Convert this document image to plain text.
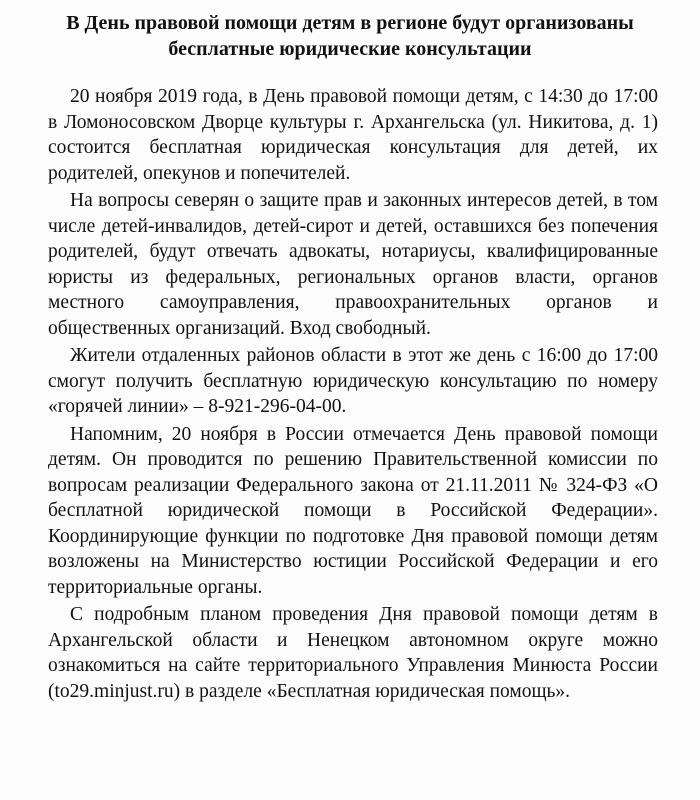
В День правовой помощи детям в регионе будут организованы
бесплатные юридические консультации

20 ноября 2019 года, в День правовой помощи детям, с 14:30 до 17:00 в Ломоносовском Дворце культуры г. Архангельска (ул. Никитова, д. 1) состоится бесплатная юридическая консультация для детей, их родителей, опекунов и попечителей.

На вопросы северян о защите прав и законных интересов детей, в том числе детей-инвалидов, детей-сирот и детей, оставшихся без попечения родителей, будут отвечать адвокаты, нотариусы, квалифицированные юристы из федеральных, региональных органов власти, органов местного самоуправления, правоохранительных органов и общественных организаций. Вход свободный.

Жители отдаленных районов области в этот же день с 16:00 до 17:00 смогут получить бесплатную юридическую консультацию по номеру «горячей линии» – 8-921-296-04-00.

Напомним, 20 ноября в России отмечается День правовой помощи детям. Он проводится по решению Правительственной комиссии по вопросам реализации Федерального закона от 21.11.2011 № 324-ФЗ «О бесплатной юридической помощи в Российской Федерации». Координирующие функции по подготовке Дня правовой помощи детям возложены на Министерство юстиции Российской Федерации и его территориальные органы.

С подробным планом проведения Дня правовой помощи детям в Архангельской области и Ненецком автономном округе можно ознакомиться на сайте территориального Управления Минюста России (to29.minjust.ru) в разделе «Бесплатная юридическая помощь».
